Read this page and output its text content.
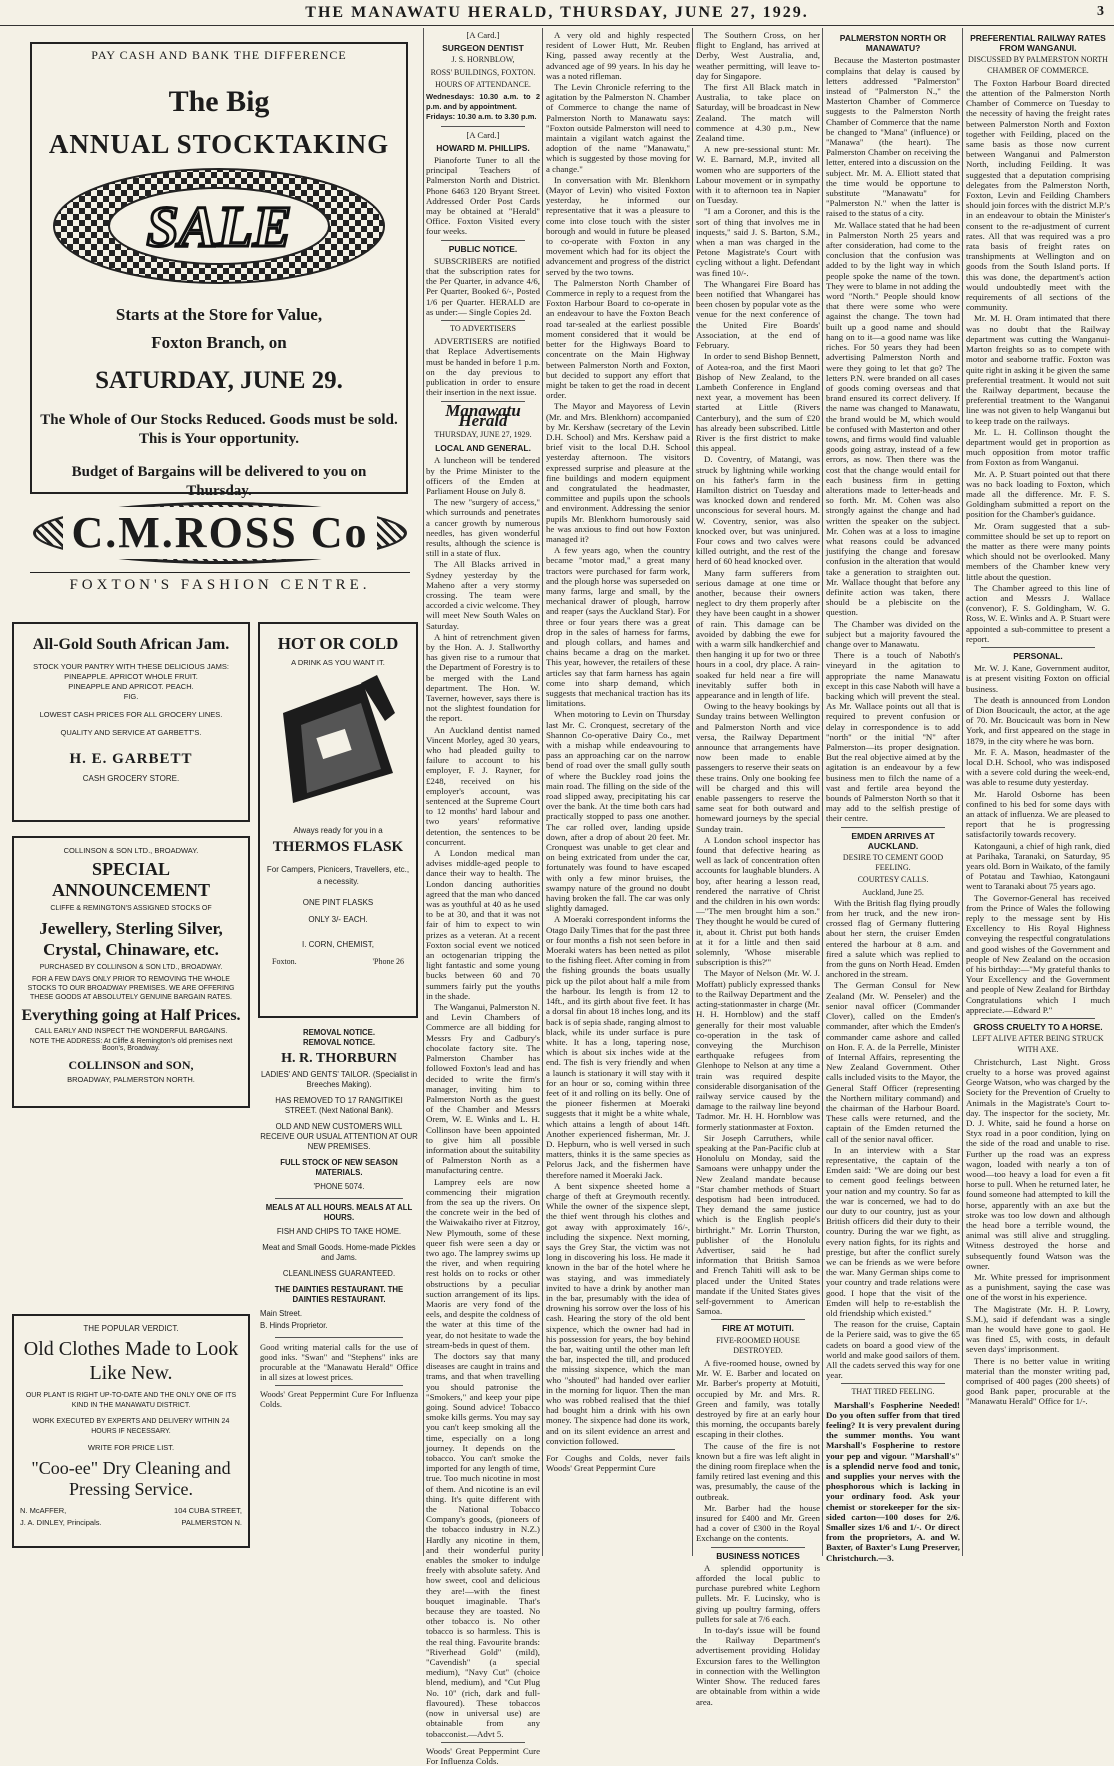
THE MANAWATU HERALD, THURSDAY, JUNE 27, 1929.	3
PAY CASH AND BANK THE DIFFERENCE
The Big
ANNUAL STOCKTAKING
SALE
Starts at the Store for Value,
Foxton Branch, on
SATURDAY, JUNE 29.
The Whole of Our Stocks Reduced. Goods must be sold. This is Your opportunity.
Budget of Bargains will be delivered to you on Thursday.
C.M.ROSS Co
FOXTON'S FASHION CENTRE.
All-Gold South African Jam.
STOCK YOUR PANTRY WITH THESE DELICIOUS JAMS:
PINEAPPLE. APRICOT WHOLE FRUIT.
PINEAPPLE AND APRICOT. PEACH.
FIG.
LOWEST CASH PRICES FOR ALL GROCERY LINES.
QUALITY AND SERVICE AT GARBETT'S.
H. E. GARBETT
CASH GROCERY STORE.
HOT OR COLD
A DRINK AS YOU WANT IT.
Always ready for you in a
THERMOS FLASK
For Campers, Picnicers, Travellers, etc., a necessity.
ONE PINT FLASKS
ONLY 3/- EACH.
I. CORN, CHEMIST,
Foxton.	'Phone 26
COLLINSON & SON LTD., BROADWAY.
SPECIAL ANNOUNCEMENT
CLIFFE & REMINGTON'S ASSIGNED STOCKS OF
Jewellery, Sterling Silver, Crystal, Chinaware, etc.
PURCHASED BY COLLINSON & SON LTD., BROADWAY.
FOR A FEW DAYS ONLY PRIOR TO REMOVING THE WHOLE STOCKS TO OUR BROADWAY PREMISES. WE ARE OFFERING THESE GOODS AT ABSOLUTELY GENUINE BARGAIN RATES.
Everything going at Half Prices.
CALL EARLY AND INSPECT THE WONDERFUL BARGAINS.
NOTE THE ADDRESS: At Cliffe & Remington's old premises next Boon's, Broadway.
COLLINSON and SON,
BROADWAY, PALMERSTON NORTH.
THE POPULAR VERDICT.
Old Clothes Made to Look Like New.
OUR PLANT IS RIGHT UP-TO-DATE AND THE ONLY ONE OF ITS KIND IN THE MANAWATU DISTRICT.
WORK EXECUTED BY EXPERTS AND DELIVERY WITHIN 24 HOURS IF NECESSARY.
WRITE FOR PRICE LIST.
"Coo-ee" Dry Cleaning and Pressing Service.
N. McAFFER,	104 CUBA STREET,
J. A. DINLEY, Principals.	PALMERSTON N.
REMOVAL NOTICE.
REMOVAL NOTICE.
H. R. THORBURN
LADIES' AND GENTS' TAILOR. (Specialist in Breeches Making).
HAS REMOVED TO 17 RANGITIKEI STREET. (Next National Bank).
OLD AND NEW CUSTOMERS WILL RECEIVE OUR USUAL ATTENTION AT OUR NEW PREMISES.
FULL STOCK OF NEW SEASON MATERIALS.
'PHONE 5074.
MEALS AT ALL HOURS. MEALS AT ALL HOURS.
FISH AND CHIPS TO TAKE HOME.
Meat and Small Goods. Home-made Pickles and Jams.
CLEANLINESS GUARANTEED.
THE DAINTIES RESTAURANT. THE DAINTIES RESTAURANT.
Main Street.
B. Hinds Proprietor.
Good writing material calls for the use of good inks. "Swan" and "Stephens" inks are procurable at the "Manawatu Herald" Office in all sizes at lowest prices.
Woods' Great Peppermint Cure For Influenza Colds.
[A Card.]
SURGEON DENTIST
J. S. HORNBLOW,
ROSS' BUILDINGS, FOXTON.
HOURS OF ATTENDANCE.
Wednesdays: 10.30 a.m. to 2 p.m. and by appointment.
Fridays: 10.30 a.m. to 3.30 p.m.
[A Card.]
HOWARD M. PHILLIPS.

Pianoforte Tuner to all the principal Teachers of Palmerston North and District. Phone 6463 120 Bryant Street. Addressed Order Post Cards may be obtained at "Herald" Office. Foxton Visited every four weeks.

PUBLIC NOTICE.

SUBSCRIBERS are notified that the subscription rates for the Per Quarter, in advance 4/6, Per Quarter, Booked 6/-, Posted 1/6 per Quarter. HERALD are as under:— Single Copies 2d.

TO ADVERTISERS

ADVERTISERS are notified that Replace Advertisements must be handed in before 1 p.m. on the day previous to publication in order to ensure their insertion in the next issue.

Manawatu Herald
THURSDAY, JUNE 27, 1929.
LOCAL AND GENERAL.

A luncheon will be tendered by the Prime Minister to the officers of the Emden at Parliament House on July 8.

The new "surgery of access," which surrounds and penetrates a cancer growth by numerous needles, has given wonderful results, although the science is still in a state of flux.

The All Blacks arrived in Sydney yesterday by the Maheno after a very stormy crossing. The team were accorded a civic welcome. They will meet New South Wales on Saturday.

A hint of retrenchment given by the Hon. A. J. Stallworthy has given rise to a rumour that the Department of Forestry is to be merged with the Land department. The Hon. W. Taverner, however, says there is not the slightest foundation for the report.

An Auckland dentist named Vincent Morley, aged 30 years, who had pleaded guilty to failure to account to his employer, F. J. Rayner, for £248, received on his employer's account, was sentenced at the Supreme Court to 12 months' hard labour and two years' reformative detention, the sentences to be concurrent.

A London medical man advises middle-aged people to dance their way to health. The London dancing authorities agreed that the man who danced was as youthful at 40 as he used to be at 30, and that it was not fair of him to expect to win prizes as a veteran. At a recent Foxton social event we noticed an octogenarian tripping the light fantastic and some young bucks between 60 and 70 summers fairly put the youths in the shade.

The Wanganui, Palmerston N. and Levin Chambers of Commerce are all bidding for Messrs Fry and Cadbury's chocolate factory site. The Palmerston Chamber has followed Foxton's lead and has decided to write the firm's manager, inviting him to Palmerston North as the guest of the Chamber and Messrs Orem, W. E. Winks and L. H. Collinson have been appointed to give him all possible information about the suitability of Palmerston North as a manufacturing centre.

Lamprey eels are now commencing their migration from the sea up the rivers. On the concrete weir in the bed of the Waiwakaiho river at Fitzroy, New Plymouth, some of these queer fish were seen a day or two ago. The lamprey swims up the river, and when requiring rest holds on to rocks or other obstructions by a peculiar suction arrangement of its lips. Maoris are very fond of the eels, and despite the coldness of the water at this time of the year, do not hesitate to wade the stream-beds in quest of them.

The doctors say that many diseases are caught in trains and trams, and that when travelling you should patronise the "Smokers," and keep your pipe going. Sound advice! Tobacco smoke kills germs. You may say you can't keep smoking all the time, especially on a long journey. It depends on the tobacco. You can't smoke the imported for any length of time, true. Too much nicotine in most of them. And nicotine is an evil thing. It's quite different with the National Tobacco Company's goods, (pioneers of the tobacco industry in N.Z.) Hardly any nicotine in them, and their wonderful purity enables the smoker to indulge freely with absolute safety. And how sweet, cool and delicious they are!—with the finest bouquet imaginable. That's because they are toasted. No other tobacco is. No other tobacco is so harmless. This is the real thing. Favourite brands: "Riverhead Gold" (mild), "Cavendish" (a special medium), "Navy Cut" (choice blend, medium), and "Cut Plug No. 10" (rich, dark and full-flavoured). These tobaccos (now in universal use) are obtainable from any tobacconist.—Advt 5.

Woods' Great Peppermint Cure For Influenza Colds.

A very old and highly respected resident of Lower Hutt, Mr. Reuben King, passed away recently at the advanced age of 99 years. In his day he was a noted rifleman.

The Levin Chronicle referring to the agitation by the Palmerston N. Chamber of Commerce to change the name of Palmerston North to Manawatu says: "Foxton outside Palmerston will need to maintain a vigilant watch against the adoption of the name "Manawatu," which is suggested by those moving for a change."

In conversation with Mr. Blenkhorn (Mayor of Levin) who visited Foxton yesterday, he informed our representative that it was a pleasure to come into close touch with the sister borough and would in future be pleased to co-operate with Foxton in any movement which had for its object the advancement and progress of the district served by the two towns.

The Palmerston North Chamber of Commerce in reply to a request from the Foxton Harbour Board to co-operate in an endeavour to have the Foxton Beach road tar-sealed at the earliest possible moment considered that it would be better for the Highways Board to concentrate on the Main Highway between Palmerston North and Foxton, but decided to support any effort that might be taken to get the road in decent order.

The Mayor and Mayoress of Levin (Mr. and Mrs. Blenkhorn) accompanied by Mr. Kershaw (secretary of the Levin D.H. School) and Mrs. Kershaw paid a brief visit to the local D.H. School yesterday afternoon. The visitors expressed surprise and pleasure at the fine buildings and modern equipment and congratulated the headmaster, committee and pupils upon the schools and environment. Addressing the senior pupils Mr. Blenkhorn humorously said he was anxious to find out how Foxton managed it?

A few years ago, when the country became "motor mad," a great many tractors were purchased for farm work, and the plough horse was superseded on many farms, large and small, by the mechanical drawer of plough, harrow and reaper (says the Auckland Star). For three or four years there was a great drop in the sales of harness for farms, and plough collars, and hames and chains became a drag on the market. This year, however, the retailers of these articles say that farm harness has again come into sharp demand, which suggests that mechanical traction has its limitations.

When motoring to Levin on Thursday last Mr. C. Cronquest, secretary of the Shannon Co-operative Dairy Co., met with a mishap while endeavouring to pass an approaching car on the narrow bend of road over the small gully south of where the Buckley road joins the main road. The filling on the side of the road slipped away, precipitating his car over the bank. At the time both cars had practically stopped to pass one another. The car rolled over, landing upside down, after a drop of about 20 feet. Mr. Cronquest was unable to get clear and on being extricated from under the car, fortunately was found to have escaped with only a few minor bruises, the swampy nature of the ground no doubt having broken the fall. The car was only slightly damaged.

A Moeraki correspondent informs the Otago Daily Times that for the past three or four months a fish not seen before in Moeraki waters has been netted as pilot to the fishing fleet. After coming in from the fishing grounds the boats usually pick up the pilot about half a mile from the harbour. Its length is from 12 to 14ft., and its girth about five feet. It has a dorsal fin about 18 inches long, and its back is of sepia shade, ranging almost to black, while its under surface is pure white. It has a long, tapering nose, which is about six inches wide at the end. The fish is very friendly and when a launch is stationary it will stay with it for an hour or so, coming within three feet of it and rolling on its belly. One of the pioneer fishermen at Moeraki suggests that it might be a white whale, which attains a length of about 14ft. Another experienced fisherman, Mr. J. D. Hepburn, who is well versed in such matters, thinks it is the same species as Pelorus Jack, and the fishermen have therefore named it Moeraki Jack.

A bent sixpence sheeted home a charge of theft at Greymouth recently. While the owner of the sixpence slept, the thief went through his clothes and got away with approximately 16/-, including the sixpence. Next morning, says the Grey Star, the victim was not long in discovering his loss. He made it known in the bar of the hotel where he was staying, and was immediately invited to have a drink by another man in the bar, presumably with the idea of drowning his sorrow over the loss of his cash. Hearing the story of the old bent sixpence, which the owner had had in his possession for years, the boy behind the bar, waiting until the other man left the bar, inspected the till, and produced the missing sixpence, which the man who "shouted" had handed over earlier in the morning for liquor. Then the man who was robbed realised that the thief had bought him a drink with his own money. The sixpence had done its work, and on its silent evidence an arrest and conviction followed.

For Coughs and Colds, never fails Woods' Great Peppermint Cure

The Southern Cross, on her flight to England, has arrived at Derby, West Australia, and, weather permitting, will leave to-day for Singapore.

The first All Black match in Australia, to take place on Saturday, will be broadcast in New Zealand. The match will commence at 4.30 p.m., New Zealand time.

A new pre-sessional stunt: Mr. W. E. Barnard, M.P., invited all women who are supporters of the Labour movement or in sympathy with it to afternoon tea in Napier on Tuesday.

"I am a Coroner, and this is the sort of thing that involves me in inquests," said J. S. Barton, S.M., when a man was charged in the Petone Magistrate's Court with cycling without a light. Defendant was fined 10/-.

The Whangarei Fire Board has been notified that Whangarei has been chosen by popular vote as the venue for the next conference of the United Fire Boards' Association, at the end of February.

In order to send Bishop Bennett, of Aotea-roa, and the first Maori Bishop of New Zealand, to the Lambeth Conference in England next year, a movement has been started at Little (Rivers Canterbury), and the sum of £20 has already been subscribed. Little River is the first district to make this appeal.

D. Coventry, of Matangi, was struck by lightning while working on his father's farm in the Hamilton district on Tuesday and was knocked down and rendered unconscious for several hours. M. W. Coventry, senior, was also knocked over, but was uninjured. Four cows and two calves were killed outright, and the rest of the herd of 60 head knocked over.

Many farm sufferers from serious damage at one time or another, because their owners neglect to dry them properly after they have been caught in a shower of rain. This damage can be avoided by dabbing the ewe for with a warm silk handkerchief and then hanging it up for two or three hours in a cool, dry place. A rain-soaked fur held near a fire will inevitably suffer both in appearance and in length of life.

Owing to the heavy bookings by Sunday trains between Wellington and Palmerston North and vice versa, the Railway Department announce that arrangements have now been made to enable passengers to reserve their seats on these trains. Only one booking fee will be charged and this will enable passengers to reserve the same seat for both outward and homeward journeys by the special Sunday train.

A London school inspector has found that defective hearing as well as lack of concentration often accounts for laughable blunders. A boy, after hearing a lesson read, rendered the narrative of Christ and the children in his own words:—"The men brought him a son." They thought he would be cured of it, about it. Christ put both hands at it for a little and then said solemnly, 'Whose miserable subscription is this?'"

The Mayor of Nelson (Mr. W. J. Moffatt) publicly expressed thanks to the Railway Department and the acting-stationmaster in charge (Mr. H. H. Hornblow) and the staff generally for their most valuable co-operation in the task of conveying the Murchison earthquake refugees from Glenhope to Nelson at any time a train was required despite considerable disorganisation of the railway service caused by the damage to the railway line beyond Tadmor. Mr. H. H. Hornblow was formerly stationmaster at Foxton.

Sir Joseph Carruthers, while speaking at the Pan-Pacific club at Honolulu on Monday, said the Samoans were unhappy under the New Zealand mandate because "Star chamber methods of Stuart despotism had been introduced. They demand the same justice which is the English people's birthright." Mr. Lorrin Thurston, publisher of the Honolulu Advertiser, said he had information that British Samoa and French Tahiti will ask to be placed under the United States mandate if the United States gives self-government to American Samoa.

FIRE AT MOTUITI.
FIVE-ROOMED HOUSE DESTROYED.

A five-roomed house, owned by Mr. W. E. Barber and located on Mr. Barber's property at Motuiti, occupied by Mr. and Mrs. R. Green and family, was totally destroyed by fire at an early hour this morning, the occupants barely escaping in their clothes.

The cause of the fire is not known but a fire was left alight in the dining room fireplace when the family retired last evening and this was, presumably, the cause of the outbreak.

Mr. Barber had the house insured for £400 and Mr. Green had a cover of £300 in the Royal Exchange on the contents.

BUSINESS NOTICES

A splendid opportunity is afforded the local public to purchase purebred white Leghorn pullets. Mr. F. Lucinsky, who is giving up poultry farming, offers pullets for sale at 7/6 each.

In to-day's issue will be found the Railway Department's advertisement providing Holiday Excursion fares to the Wellington in connection with the Wellington Winter Show. The reduced fares are obtainable from within a wide area.

PALMERSTON NORTH OR MANAWATU?

Because the Masterton postmaster complains that delay is caused by letters addressed "Palmerston" instead of "Palmerston N.," the Masterton Chamber of Commerce suggests to the Palmerston North Chamber of Commerce that the name be changed to "Mana" (influence) or "Manawa" (the heart). The Palmerston Chamber on receiving the letter, entered into a discussion on the subject. Mr. M. A. Elliott stated that the time would be opportune to substitute "Manawatu" for "Palmerston N." when the latter is raised to the status of a city.

Mr. Wallace stated that he had been in Palmerston North 25 years and after consideration, had come to the conclusion that the confusion was added to by the light way in which people spoke the name of the town. They were to blame in not adding the word "North." People should know that there were some who were against the change. The town had built up a good name and should hang on to it—a good name was like riches. For 50 years they had been advertising Palmerston North and were they going to let that go? The letters P.N. were branded on all cases of goods coming overseas and that brand ensured its correct delivery. If the name was changed to Manawatu, the brand would be M, which would be confused with Masterton and other towns, and firms would find valuable goods going astray, instead of a few errors, as now. Then there was the cost that the change would entail for each business firm in getting alterations made to letter-heads and so forth. Mr. M. Cohen was also strongly against the change and had written the speaker on the subject. Mr. Cohen was at a loss to imagine what reasons could be advanced justifying the change and foresaw confusion in the alteration that would take a generation to straighten out. Mr. Wallace thought that before any definite action was taken, there should be a plebiscite on the question.

The Chamber was divided on the subject but a majority favoured the change over to Manawatu.

There is a touch of Naboth's vineyard in the agitation to appropriate the name Manawatu except in this case Naboth will have a backing which will prevent the steal. As Mr. Wallace points out all that is required to prevent confusion or delay in correspondence is to add "north" or the initial "N" after Palmerston—its proper designation. But the real objective aimed at by the agitation is an endeavour by a few business men to filch the name of a vast and fertile area beyond the bounds of Palmerston North so that it may add to the selfish prestige of their centre.

EMDEN ARRIVES AT AUCKLAND.
DESIRE TO CEMENT GOOD FEELING.
COURTESY CALLS.
Auckland, June 25.

With the British flag flying proudly from her truck, and the new iron-crossed flag of Germany fluttering about her stern, the cruiser Emden entered the harbour at 8 a.m. and fired a salute which was replied to from the guns on North Head. Emden anchored in the stream.

The German Consul for New Zealand (Mr. W. Penseler) and the senior naval officer (Commander Clover), called on the Emden's commander, after which the Emden's commander came ashore and called on Hon. F. A. de la Perrelle, Minister of Internal Affairs, representing the New Zealand Government. Other calls included visits to the Mayor, the General Staff Officer (representing the Northern military command) and the chairman of the Harbour Board. These calls were returned, and the captain of the Emden returned the call of the senior naval officer.

In an interview with a Star representative, the captain of the Emden said: "We are doing our best to cement good feelings between your nation and my country. So far as the war is concerned, we had to do our duty to our country, just as your British officers did their duty to their country. During the war we fight, as every nation fights, for its rights and prestige, but after the conflict surely we can be friends as we were before the war. Many German ships come to your country and trade relations were good. I hope that the visit of the Emden will help to re-establish the old friendship which existed."

The reason for the cruise, Captain de la Periere said, was to give the 65 cadets on board a good view of the world and make good sailors of them. All the cadets served this way for one year.

THAT TIRED FEELING.

Marshall's Fospherine Needed! Do you often suffer from that tired feeling? It is very prevalent during the summer months. You want Marshall's Fospherine to restore your pep and vigour. "Marshall's" is a splendid nerve food and tonic, and supplies your nerves with the phosphorous which is lacking in your ordinary food. Ask your chemist or storekeeper for the six-sided carton—100 doses for 2/6. Smaller sizes 1/6 and 1/-. Or direct from the proprietors, A. and W. Baxter, of Baxter's Lung Preserver, Christchurch.—3.

PREFERENTIAL RAILWAY RATES FROM WANGANUI.
DISCUSSED BY PALMERSTON NORTH CHAMBER OF COMMERCE.

The Foxton Harbour Board directed the attention of the Palmerston North Chamber of Commerce on Tuesday to the necessity of having the freight rates between Palmerston North and Foxton together with Feilding, placed on the same basis as those now current between Wanganui and Palmerston North, including Feilding. It was suggested that a deputation comprising delegates from the Palmerston North, Foxton, Levin and Feilding Chambers should join forces with the district M.P.'s in an endeavour to obtain the Minister's consent to the re-adjustment of current rates. All that was required was a pro rata basis of freight rates on transhipments at Wellington and on goods from the South Island ports. If this was done, the department's action would undoubtedly meet with the requirements of all sections of the community.

Mr. M. H. Oram intimated that there was no doubt that the Railway department was cutting the Wanganui-Marton freights so as to compete with motor and seaborne traffic. Foxton was quite right in asking it be given the same preferential treatment. It would not suit the Railway department, because the preferential treatment to the Wanganui line was not given to help Wanganui but to keep trade on the railways.

Mr. L. H. Collinson thought the department would get in proportion as much opposition from motor traffic from Foxton as from Wanganui.

Mr. A. P. Stuart pointed out that there was no back loading to Foxton, which made all the difference. Mr. F. S. Goldingham submitted a report on the position for the Chamber's guidance.

Mr. Oram suggested that a sub-committee should be set up to report on the matter as there were many points which should not be overlooked. Many members of the Chamber knew very little about the question.

The Chamber agreed to this line of action and Messrs J. Wallace (convenor), F. S. Goldingham, W. G. Ross, W. E. Winks and A. P. Stuart were appointed a sub-committee to present a report.

PERSONAL.

Mr. W. J. Kane, Government auditor, is at present visiting Foxton on official business.

The death is announced from London of Dion Boucicault, the actor, at the age of 70. Mr. Boucicault was born in New York, and first appeared on the stage in 1879, in the city where he was born.

Mr. F. A. Mason, headmaster of the local D.H. School, who was indisposed with a severe cold during the week-end, was able to resume duty yesterday.

Mr. Harold Osborne has been confined to his bed for some days with an attack of influenza. We are pleased to report that he is progressing satisfactorily towards recovery.

Katongauni, a chief of high rank, died at Parihaka, Taranaki, on Saturday, 95 years old. Born in Waikato, of the family of Potatau and Tawhiao, Katongauni went to Taranaki about 75 years ago.

The Governor-General has received from the Prince of Wales the following reply to the message sent by His Excellency to His Royal Highness conveying the respectful congratulations and good wishes of the Government and people of New Zealand on the occasion of his birthday:—"My grateful thanks to Your Excellency and the Government and people of New Zealand for Birthday Congratulations which I much appreciate.—Edward P."

GROSS CRUELTY TO A HORSE.
LEFT ALIVE AFTER BEING STRUCK WITH AXE.

Christchurch, Last Night. Gross cruelty to a horse was proved against George Watson, who was charged by the Society for the Prevention of Cruelty to Animals in the Magistrate's Court to-day. The inspector for the society, Mr. D. J. White, said he found a horse on Styx road in a poor condition, lying on the side of the road and unable to rise. Further up the road was an express wagon, loaded with nearly a ton of wood—too heavy a load for even a fit horse to pull. When he returned later, he found someone had attempted to kill the horse, apparently with an axe but the stroke was too low down and although the head bore a terrible wound, the animal was still alive and struggling. Witness destroyed the horse and subsequently found Watson was the owner.

Mr. White pressed for imprisonment as a punishment, saying the case was one of the worst in his experience.

The Magistrate (Mr. H. P. Lowry, S.M.), said if defendant was a single man he would have gone to gaol. He was fined £5, with costs, in default seven days' imprisonment.

There is no better value in writing material than the monster writing pad, comprised of 400 pages (200 sheets) of good Bank paper, procurable at the "Manawatu Herald" Office for 1/-.
